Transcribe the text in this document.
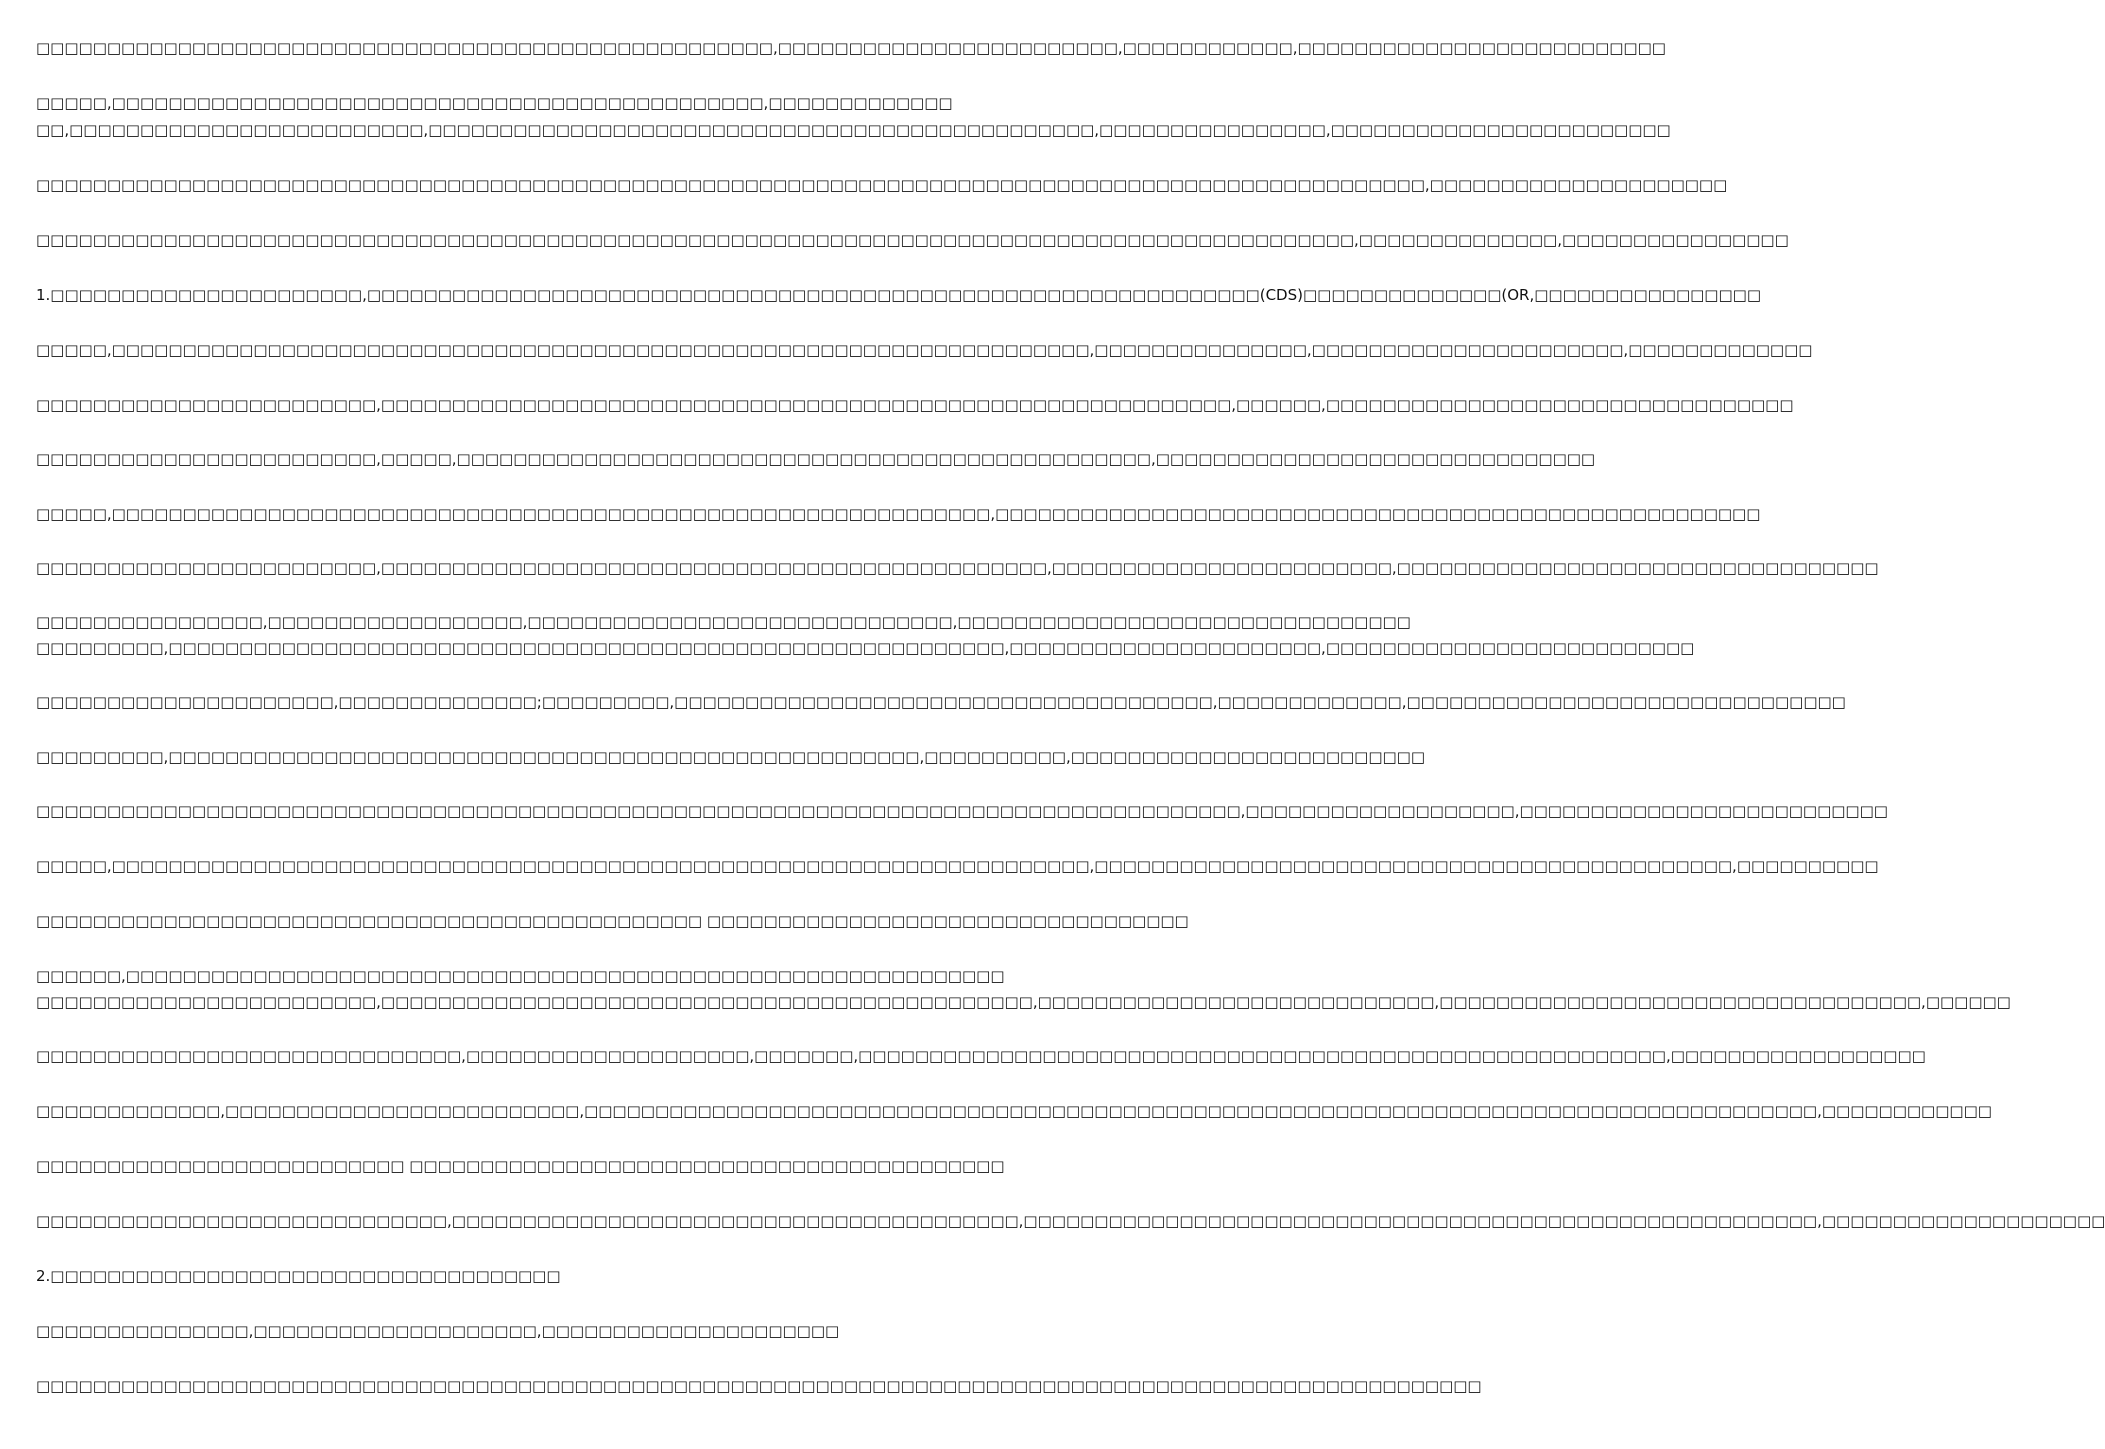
□□□□□□□□□□□□□□□□□□□□□□□□□□□□□□□□□□□□□□□□□□□□□□□□□□□□,□□□□□□□□□□□□□□□□□□□□□□□□,□□□□□□□□□□□□,□□□□□□□□□□□□□□□□□□□□□□□□□□
□□□□□,□□□□□□□□□□□□□□□□□□□□□□□□□□□□□□□□□□□□□□□□□□□□□□,□□□□□□□□□□□□□
□□,□□□□□□□□□□□□□□□□□□□□□□□□□,□□□□□□□□□□□□□□□□□□□□□□□□□□□□□□□□□□□□□□□□□□□□□□□,□□□□□□□□□□□□□□□□,□□□□□□□□□□□□□□□□□□□□□□□□
□□□□□□□□□□□□□□□□□□□□□□□□□□□□□□□□□□□□□□□□□□□□□□□□□□□□□□□□□□□□□□□□□□□□□□□□□□□□□□□□□□□□□□□□□□□□□□□□□□,□□□□□□□□□□□□□□□□□□□□□
□□□□□□□□□□□□□□□□□□□□□□□□□□□□□□□□□□□□□□□□□□□□□□□□□□□□□□□□□□□□□□□□□□□□□□□□□□□□□□□□□□□□□□□□□□□□□,□□□□□□□□□□□□□□,□□□□□□□□□□□□□□□□
1.□□□□□□□□□□□□□□□□□□□□□□,□□□□□□□□□□□□□□□□□□□□□□□□□□□□□□□□□□□□□□□□□□□□□□□□□□□□□□□□□□□□□□□(CDS)□□□□□□□□□□□□□□(OR,□□□□□□□□□□□□□□□□
□□□□□,□□□□□□□□□□□□□□□□□□□□□□□□□□□□□□□□□□□□□□□□□□□□□□□□□□□□□□□□□□□□□□□□□□□□□,□□□□□□□□□□□□□□□,□□□□□□□□□□□□□□□□□□□□□□,□□□□□□□□□□□□□
□□□□□□□□□□□□□□□□□□□□□□□□,□□□□□□□□□□□□□□□□□□□□□□□□□□□□□□□□□□□□□□□□□□□□□□□□□□□□□□□□□□□□,□□□□□□,□□□□□□□□□□□□□□□□□□□□□□□□□□□□□□□□□
□□□□□□□□□□□□□□□□□□□□□□□□,□□□□□,□□□□□□□□□□□□□□□□□□□□□□□□□□□□□□□□□□□□□□□□□□□□□□□□□,□□□□□□□□□□□□□□□□□□□□□□□□□□□□□□□
□□□□□,□□□□□□□□□□□□□□□□□□□□□□□□□□□□□□□□□□□□□□□□□□□□□□□□□□□□□□□□□□□□□□,□□□□□□□□□□□□□□□□□□□□□□□□□□□□□□□□□□□□□□□□□□□□□□□□□□□□□□
□□□□□□□□□□□□□□□□□□□□□□□□,□□□□□□□□□□□□□□□□□□□□□□□□□□□□□□□□□□□□□□□□□□□□□□□,□□□□□□□□□□□□□□□□□□□□□□□□,□□□□□□□□□□□□□□□□□□□□□□□□□□□□□□□□□□
□□□□□□□□□□□□□□□□,□□□□□□□□□□□□□□□□□□,□□□□□□□□□□□□□□□□□□□□□□□□□□□□□□,□□□□□□□□□□□□□□□□□□□□□□□□□□□□□□□□
□□□□□□□□□,□□□□□□□□□□□□□□□□□□□□□□□□□□□□□□□□□□□□□□□□□□□□□□□□□□□□□□□□□□□,□□□□□□□□□□□□□□□□□□□□□□,□□□□□□□□□□□□□□□□□□□□□□□□□□
□□□□□□□□□□□□□□□□□□□□□,□□□□□□□□□□□□□□;□□□□□□□□□,□□□□□□□□□□□□□□□□□□□□□□□□□□□□□□□□□□□□□□,□□□□□□□□□□□□□,□□□□□□□□□□□□□□□□□□□□□□□□□□□□□□□
□□□□□□□□□,□□□□□□□□□□□□□□□□□□□□□□□□□□□□□□□□□□□□□□□□□□□□□□□□□□□□□,□□□□□□□□□□,□□□□□□□□□□□□□□□□□□□□□□□□□
□□□□□□□□□□□□□□□□□□□□□□□□□□□□□□□□□□□□□□□□□□□□□□□□□□□□□□□□□□□□□□□□□□□□□□□□□□□□□□□□□□□□□,□□□□□□□□□□□□□□□□□□□,□□□□□□□□□□□□□□□□□□□□□□□□□□
□□□□□,□□□□□□□□□□□□□□□□□□□□□□□□□□□□□□□□□□□□□□□□□□□□□□□□□□□□□□□□□□□□□□□□□□□□□,□□□□□□□□□□□□□□□□□□□□□□□□□□□□□□□□□□□□□□□□□□□□□,□□□□□□□□□□
□□□□□□□□□□□□□□□□□□□□□□□□□□□□□□□□□□□□□□□□□□□□□□□ □□□□□□□□□□□□□□□□□□□□□□□□□□□□□□□□□□
□□□□□□,□□□□□□□□□□□□□□□□□□□□□□□□□□□□□□□□□□□□□□□□□□□□□□□□□□□□□□□□□□□□□□
□□□□□□□□□□□□□□□□□□□□□□□□,□□□□□□□□□□□□□□□□□□□□□□□□□□□□□□□□□□□□□□□□□□□□□□,□□□□□□□□□□□□□□□□□□□□□□□□□□□□,□□□□□□□□□□□□□□□□□□□□□□□□□□□□□□□□□□,□□□□□□
□□□□□□□□□□□□□□□□□□□□□□□□□□□□□□,□□□□□□□□□□□□□□□□□□□□,□□□□□□□,□□□□□□□□□□□□□□□□□□□□□□□□□□□□□□□□□□□□□□□□□□□□□□□□□□□□□□□□□,□□□□□□□□□□□□□□□□□□
□□□□□□□□□□□□□,□□□□□□□□□□□□□□□□□□□□□□□□□,□□□□□□□□□□□□□□□□□□□□□□□□□□□□□□□□□□□□□□□□□□□□□□□□□□□□□□□□□□□□□□□□□□□□□□□□□□□□□□□□□□□□□□□,□□□□□□□□□□□□
□□□□□□□□□□□□□□□□□□□□□□□□□□ □□□□□□□□□□□□□□□□□□□□□□□□□□□□□□□□□□□□□□□□□□
□□□□□□□□□□□□□□□□□□□□□□□□□□□□□,□□□□□□□□□□□□□□□□□□□□□□□□□□□□□□□□□□□□□□□□,□□□□□□□□□□□□□□□□□□□□□□□□□□□□□□□□□□□□□□□□□□□□□□□□□□□□□□□□,□□□□□□□□□□□□□□□□□□□□
2.□□□□□□□□□□□□□□□□□□□□□□□□□□□□□□□□□□□□
□□□□□□□□□□□□□□□,□□□□□□□□□□□□□□□□□□□□,□□□□□□□□□□□□□□□□□□□□□
□□□□□□□□□□□□□□□□□□□□□□□□□□□□□□□□□□□□□□□□□□□□□□□□□□□□□□□□□□□□□□□□□□□□□□□□□□□□□□□□□□□□□□□□□□□□□□□□□□□□□□
